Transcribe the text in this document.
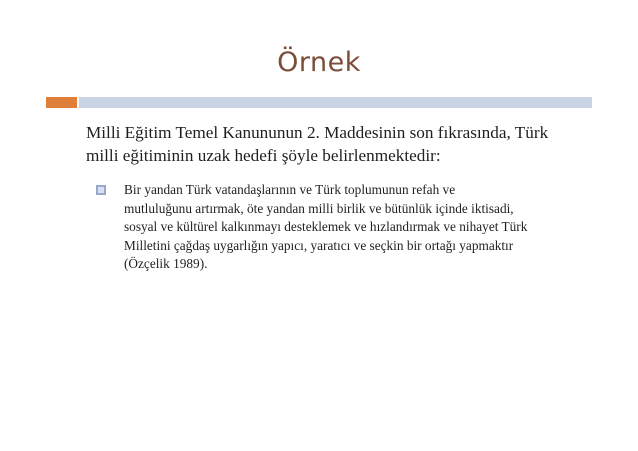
Örnek
Milli Eğitim Temel Kanununun 2. Maddesinin son fıkrasında, Türk
milli eğitiminin uzak hedefi şöyle belirlenmektedir:
Bir yandan Türk vatandaşlarının ve Türk toplumunun refah ve
mutluluğunu artırmak, öte yandan milli birlik ve bütünlük içinde iktisadi,
sosyal ve kültürel kalkınmayı desteklemek ve hızlandırmak ve nihayet Türk
Milletini çağdaş uygarlığın yapıcı, yaratıcı ve seçkin bir ortağı yapmaktır
(Özçelik 1989).
